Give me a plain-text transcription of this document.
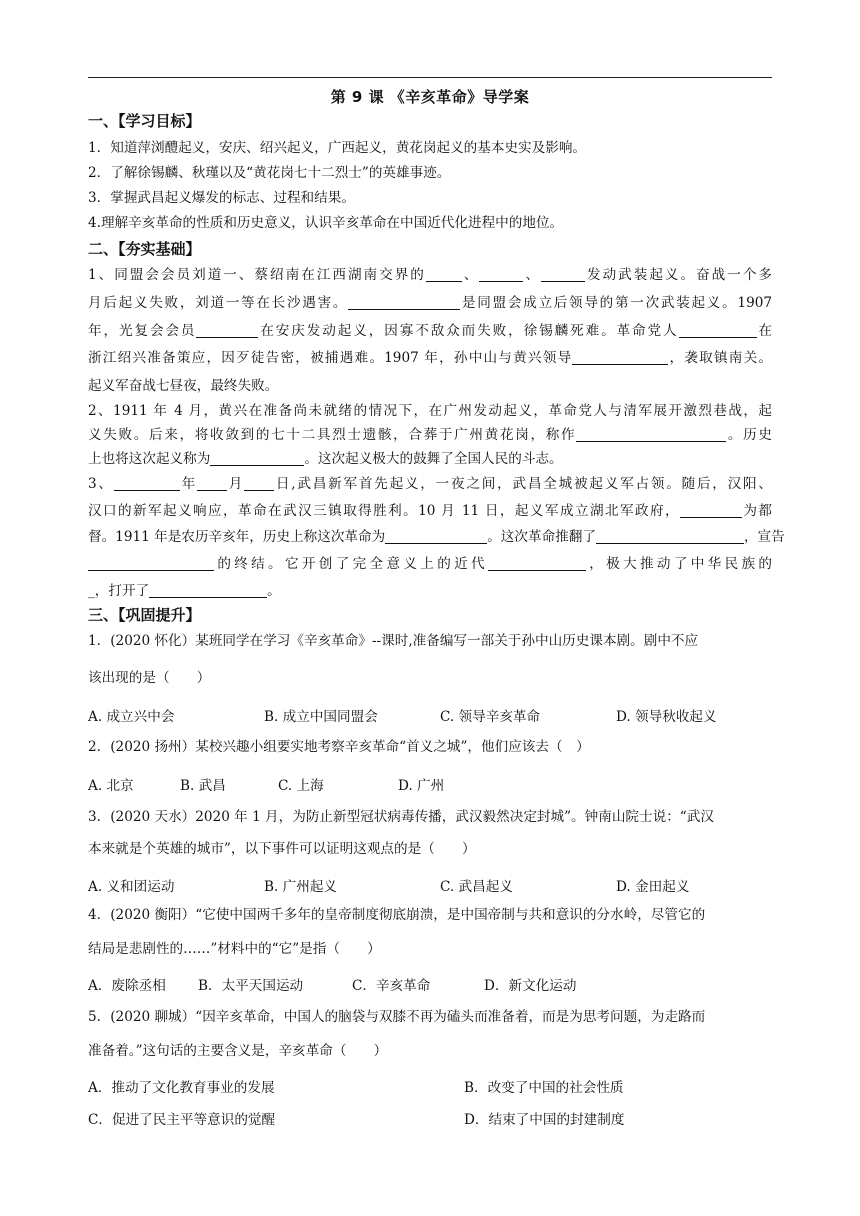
第 9 课 《辛亥革命》导学案
一、【学习目标】
1．知道萍浏醴起义，安庆、绍兴起义，广西起义，黄花岗起义的基本史实及影响。
2．了解徐锡麟、秋瑾以及“黄花岗七十二烈士”的英雄事迹。
3．掌握武昌起义爆发的标志、过程和结果。
4.理解辛亥革命的性质和历史意义，认识辛亥革命在中国近代化进程中的地位。
二、【夯实基础】
1、同盟会会员刘道一、蔡绍南在江西湖南交界的	、	、	发动武装起义。奋战一个多
月后起义失败，刘道一等在长沙遇害。	是同盟会成立后领导的第一次武装起义。1907
年，光复会会员	在安庆发动起义，因寡不敌众而失败，徐锡麟死难。革命党人	在
浙江绍兴准备策应，因歹徒告密，被捕遇难。1907 年，孙中山与黄兴领导	，袭取镇南关。
起义军奋战七昼夜，最终失败。
2、1911 年 4 月，黄兴在准备尚未就绪的情况下，在广州发动起义，革命党人与清军展开激烈巷战，起
义失败。后来，将收敛到的七十二具烈士遗骸，合葬于广州黄花岗，称作	。历史
上也将这次起义称为	。这次起义极大的鼓舞了全国人民的斗志。
3、	年 月 日,武昌新军首先起义，一夜之间，武昌全城被起义军占领。随后，汉阳、
汉口的新军起义响应，革命在武汉三镇取得胜利。10 月 11 日，起义军成立湖北军政府，	为都
督。1911 年是农历辛亥年，历史上称这次革命为	。这次革命推翻了	，宣告
的终结。它开创了完全意义上的近代	，极大推动了中华民族的
_，打开了	。
三、【巩固提升】
1．(2020 怀化）某班同学在学习《辛亥革命》--课时,准备编写一部关于孙中山历史课本剧。剧中不应
该出现的是（　　）
A. 成立兴中会	B. 成立中国同盟会	C. 领导辛亥革命	D. 领导秋收起义
2．(2020 扬州）某校兴趣小组要实地考察辛亥革命“首义之城”，他们应该去（　）
A. 北京	B. 武昌	C. 上海	D. 广州
3．(2020 天水）2020 年 1 月，为防止新型冠状病毒传播，武汉毅然决定封城”。钟南山院士说：“武汉
本来就是个英雄的城市”，以下事件可以证明这观点的是（　　）
A. 义和团运动	B. 广州起义	C. 武昌起义	D. 金田起义
4．(2020 衡阳）“它使中国两千多年的皇帝制度彻底崩溃，是中国帝制与共和意识的分水岭，尽管它的
结局是悲剧性的……”材料中的“它”是指（　　）
A．废除丞相 B．太平天国运动	C．辛亥革命	D．新文化运动
5．(2020 聊城）“因辛亥革命，中国人的脑袋与双膝不再为磕头而准备着，而是为思考问题，为走路而
准备着。”这句话的主要含义是，辛亥革命（　　）
A．推动了文化教育事业的发展	B．改变了中国的社会性质
C．促进了民主平等意识的觉醒	D．结束了中国的封建制度
